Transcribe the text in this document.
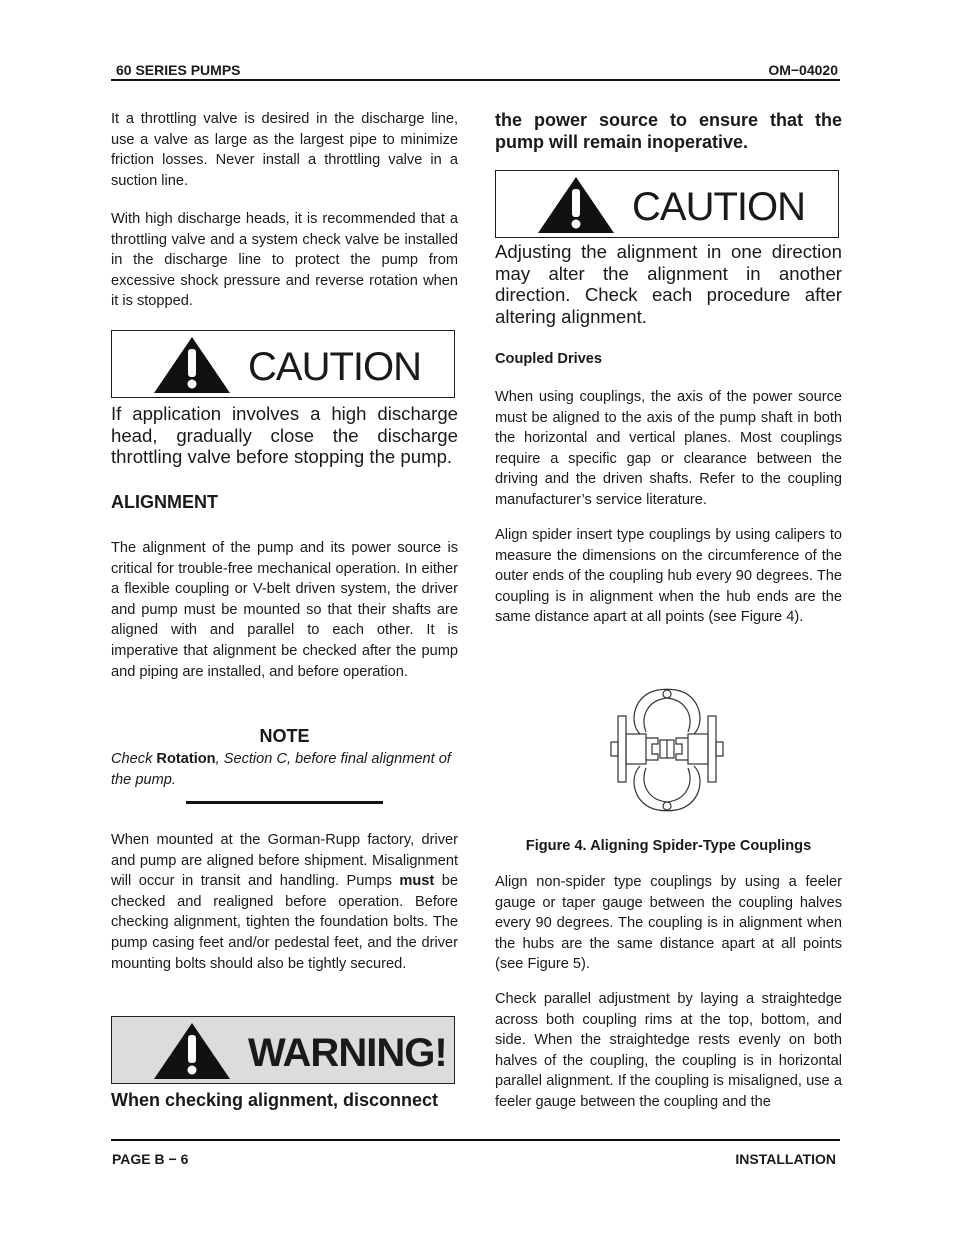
60 SERIES PUMPS	OM−04020

It a throttling valve is desired in the discharge line, use a valve as large as the largest pipe to minimize friction losses. Never install a throttling valve in a suction line.

With high discharge heads, it is recommended that a throttling valve and a system check valve be installed in the discharge line to protect the pump from excessive shock pressure and reverse rotation when it is stopped.

CAUTION

If application involves a high discharge head, gradually close the discharge throttling valve before stopping the pump.

ALIGNMENT

The alignment of the pump and its power source is critical for trouble-free mechanical operation. In either a flexible coupling or V-belt driven system, the driver and pump must be mounted so that their shafts are aligned with and parallel to each other. It is imperative that alignment be checked after the pump and piping are installed, and before operation.

NOTE

Check Rotation, Section C, before final alignment of the pump.

When mounted at the Gorman-Rupp factory, driver and pump are aligned before shipment. Misalignment will occur in transit and handling. Pumps must be checked and realigned before operation. Before checking alignment, tighten the foundation bolts. The pump casing feet and/or pedestal feet, and the driver mounting bolts should also be tightly secured.

WARNING!

When checking alignment, disconnect

the power source to ensure that the pump will remain inoperative.

CAUTION

Adjusting the alignment in one direction may alter the alignment in another direction. Check each procedure after altering alignment.

Coupled Drives

When using couplings, the axis of the power source must be aligned to the axis of the pump shaft in both the horizontal and vertical planes. Most couplings require a specific gap or clearance between the driving and the driven shafts. Refer to the coupling manufacturer’s service literature.

Align spider insert type couplings by using calipers to measure the dimensions on the circumference of the outer ends of the coupling hub every 90 degrees. The coupling is in alignment when the hub ends are the same distance apart at all points (see Figure 4).

Figure 4. Aligning Spider-Type Couplings

Align non-spider type couplings by using a feeler gauge or taper gauge between the coupling halves every 90 degrees. The coupling is in alignment when the hubs are the same distance apart at all points (see Figure 5).

Check parallel adjustment by laying a straightedge across both coupling rims at the top, bottom, and side. When the straightedge rests evenly on both halves of the coupling, the coupling is in horizontal parallel alignment. If the coupling is misaligned, use a feeler gauge between the coupling and the

PAGE B − 6	INSTALLATION
